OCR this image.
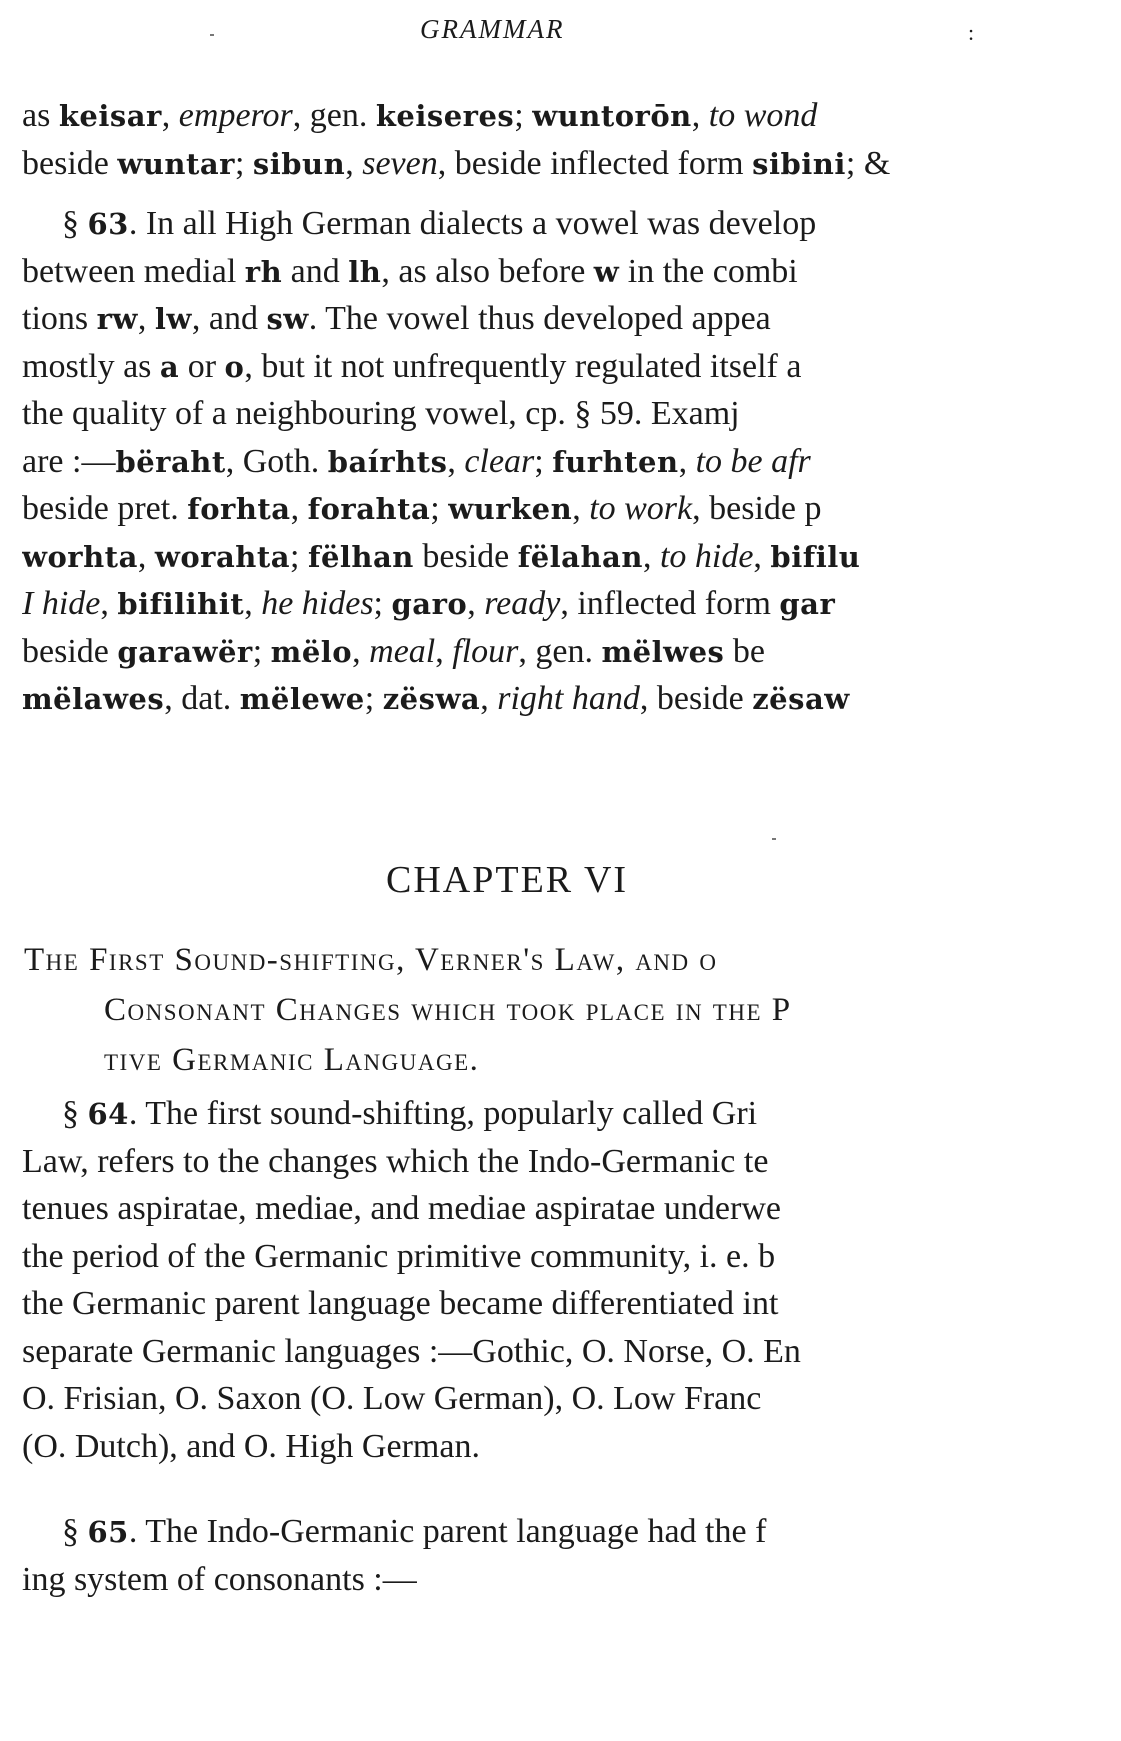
GRAMMAR	:
as keisar, emperor, gen. keiseres; wuntorōn, to wond
beside wuntar; sibun, seven, beside inflected form sibini; &
§ 63. In all High German dialects a vowel was develop
between medial rh and lh, as also before w in the combi
tions rw, lw, and sw. The vowel thus developed appea
mostly as a or o, but it not unfrequently regulated itself a
the quality of a neighbouring vowel, cp. § 59. Examj
are :—bëraht, Goth. baírhts, clear; furhten, to be afr
beside pret. forhta, forahta; wurken, to work, beside p
worhta, worahta; fëlhan beside fëlahan, to hide, bifilu
I hide, bifilihit, he hides; garo, ready, inflected form gar
beside garawër; mëlo, meal, flour, gen. mëlwes be
mëlawes, dat. mëlewe; zëswa, right hand, beside zësaw
CHAPTER VI
The First Sound-shifting, Verner's Law, and o
Consonant Changes which took place in the P
tive Germanic Language.
§ 64. The first sound-shifting, popularly called Gri
Law, refers to the changes which the Indo-Germanic te
tenues aspiratae, mediae, and mediae aspiratae underwe
the period of the Germanic primitive community, i. e. b
the Germanic parent language became differentiated int
separate Germanic languages :—Gothic, O. Norse, O. En
O. Frisian, O. Saxon (O. Low German), O. Low Franc
(O. Dutch), and O. High German.
§ 65. The Indo-Germanic parent language had the f
ing system of consonants :—
